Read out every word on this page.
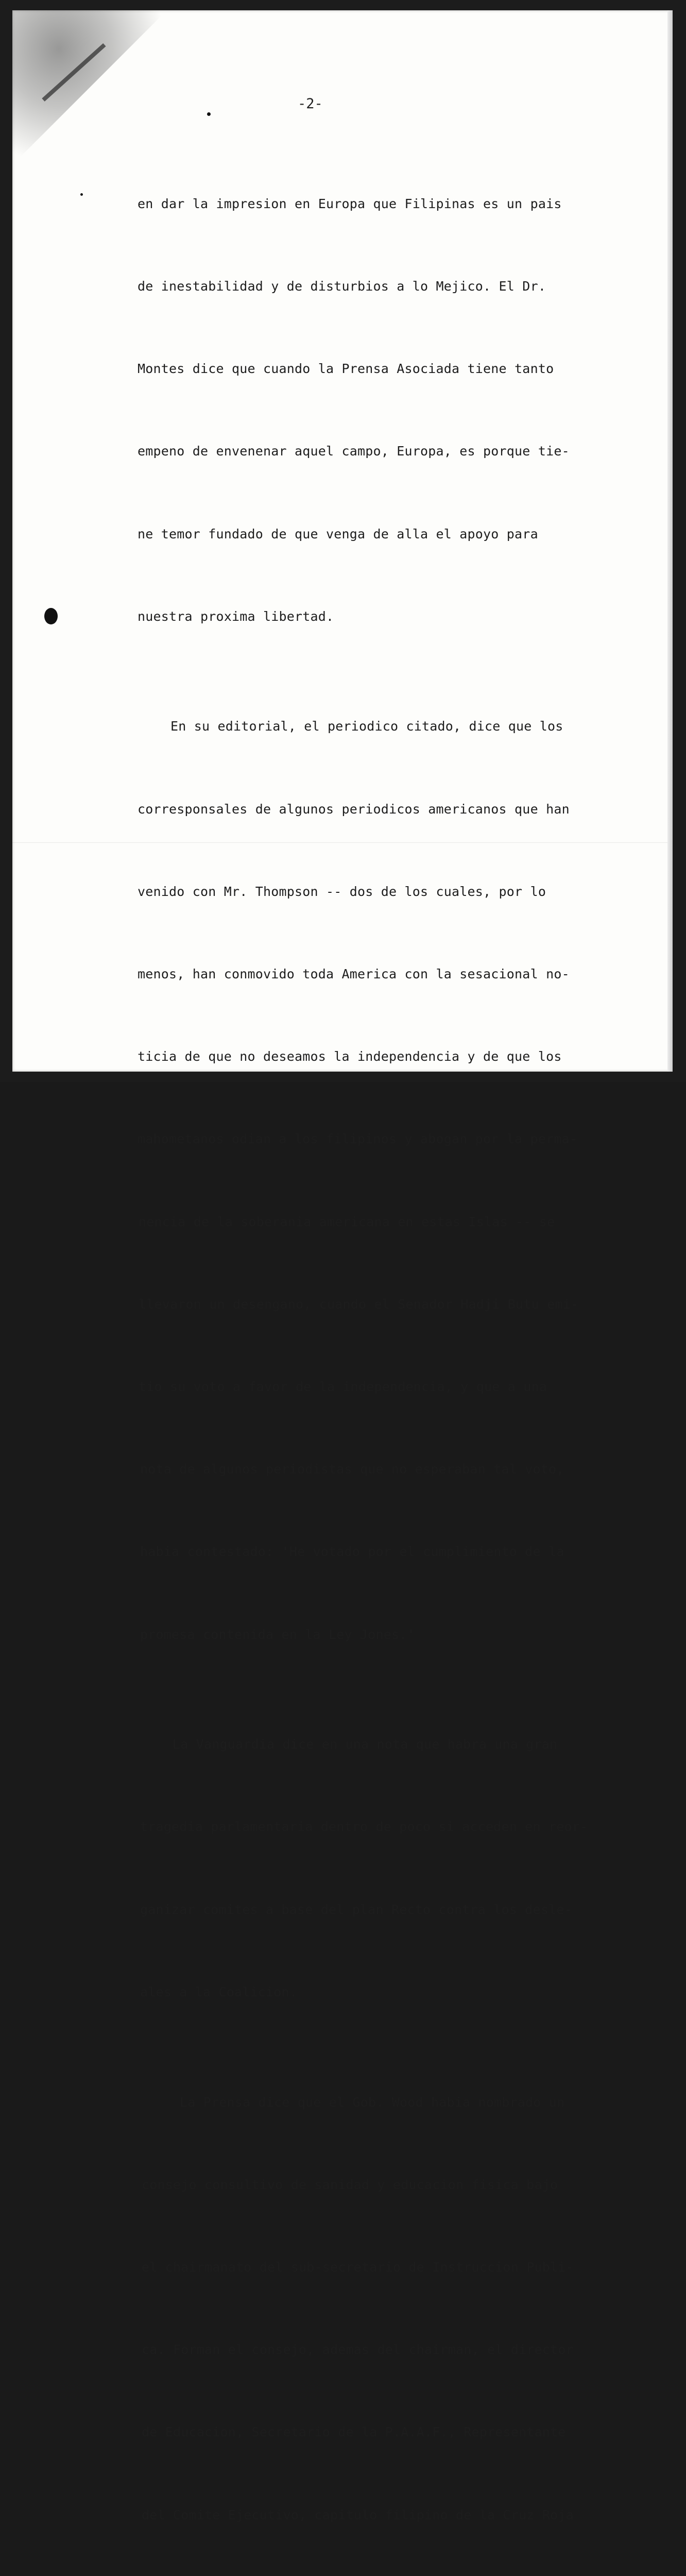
-2-

en dar la impresion en Europa que Filipinas es un pais

de inestabilidad y de disturbios a lo Mejico. El Dr.

Montes dice que cuando la Prensa Asociada tiene tanto

empeno de envenenar aquel campo, Europa, es porque tie-

ne temor fundado de que venga de alla el apoyo para

nuestra proxima libertad.

En su editorial, el periodico citado, dice que los

corresponsales de algunos periodicos americanos que han

venido con Mr. Thompson -- dos de los cuales, por lo

menos, han conmovido toda America con la sesacional no-

ticia de que no deseamos la independencia y de que los

mahometanos odian a los filipinos y abogan por la perma-

nencia de la soberania americana en estas Islas -- se

llevaron un desengano, cuando el Senador Hadji Butu emi-

tio su voto a favor de la independencia, y que a una

nota de algunos periodistas que no esperaban tal voto,

habia contestado: 'He votado por el cumplimiento de la

promesa contenida en la Ley Jones.'

La Vanguardia dice en una nota que habra una gran

tragedia parlamentaria dentro de poco si acceden en reor-

ganizar comites a base del plan Recto contra los desle-

ales a la Coalicion.

La Prensa dice que el Gob. Wood habia nombrado un

consejo consultivo de sanidad y educacion fisica bajo

el chairmanato del sub-secretario de Instruccion Publi-

ca. Forman el consejo, ademas del chairman, el director

de Educacion, Secretario de la P.A.A.F., Representante

del Comite Ejecutivo, capitulo filipino de la Cruz Roja
